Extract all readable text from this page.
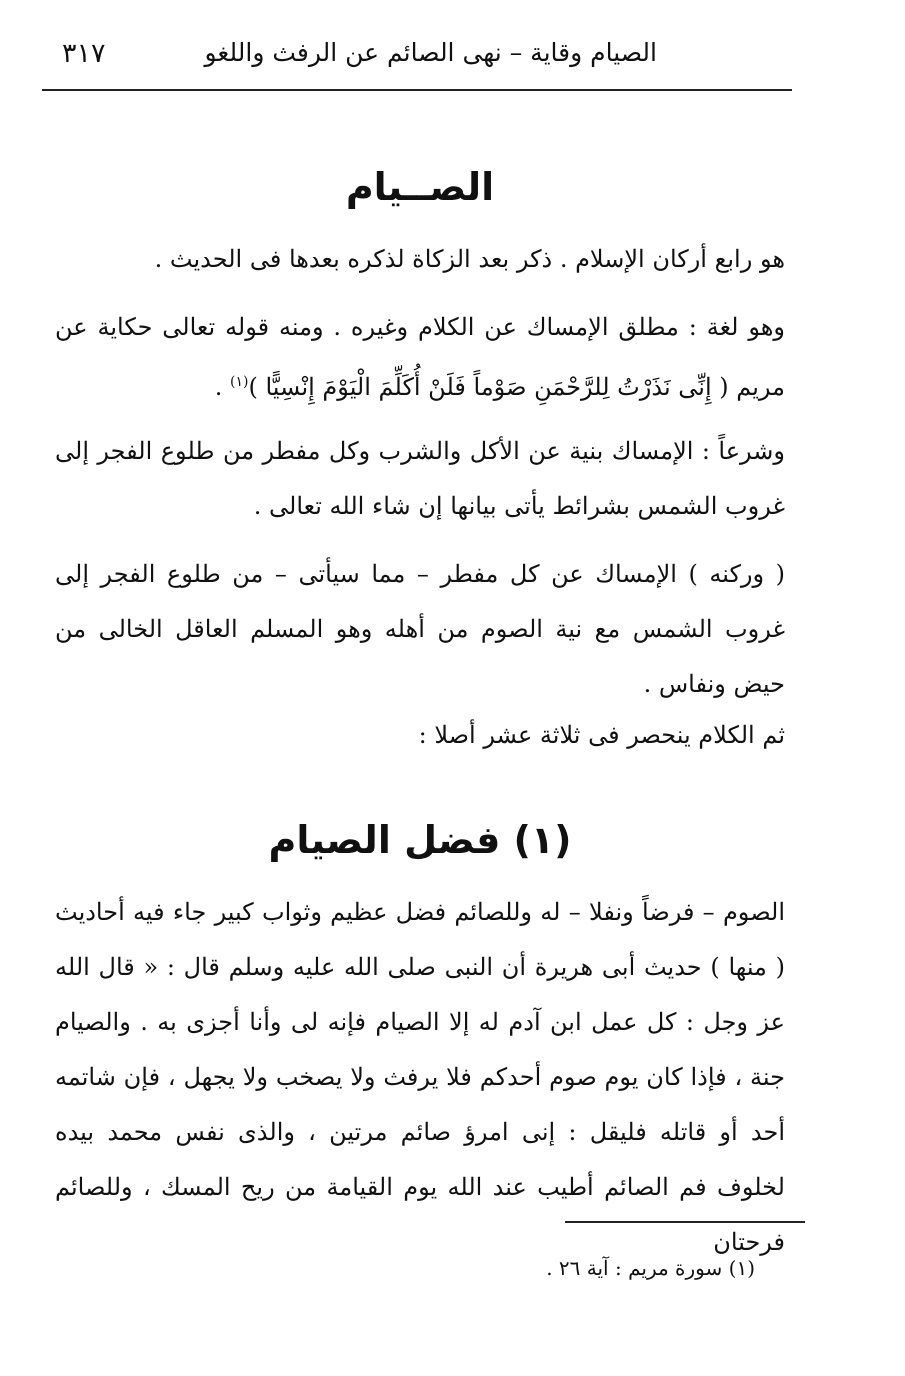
الصيام وقاية – نهى الصائم عن الرفث واللغو
٣١٧
الصــيام
هو رابع أركان الإسلام . ذكر بعد الزكاة لذكره بعدها فى الحديث .
وهو لغة : مطلق الإمساك عن الكلام وغيره . ومنه قوله تعالى حكاية عن مريم ( إِنِّى نَذَرْتُ لِلرَّحْمَنِ صَوْماً فَلَنْ أُكَلِّمَ الْيَوْمَ إِنْسِيًّا )$^{(١)}$ .
وشرعاً : الإمساك بنية عن الأكل والشرب وكل مفطر من طلوع الفجر إلى غروب الشمس بشرائط يأتى بيانها إن شاء الله تعالى .
( وركنه ) الإمساك عن كل مفطر – مما سيأتى – من طلوع الفجر إلى غروب الشمس مع نية الصوم من أهله وهو المسلم العاقل الخالى من حيض ونفاس .
ثم الكلام ينحصر فى ثلاثة عشر أصلا :
(١) فضل الصيام
الصوم – فرضاً ونفلا – له وللصائم فضل عظيم وثواب كبير جاء فيه أحاديث ( منها ) حديث أبى هريرة أن النبى صلى الله عليه وسلم قال : « قال الله عز وجل : كل عمل ابن آدم له إلا الصيام فإنه لى وأنا أجزى به . والصيام جنة ، فإذا كان يوم صوم أحدكم فلا يرفث ولا يصخب ولا يجهل ، فإن شاتمه أحد أو قاتله فليقل : إنى امرؤ صائم مرتين ، والذى نفس محمد بيده لخلوف فم الصائم أطيب عند الله يوم القيامة من ريح المسك ، وللصائم فرحتان
(١) سورة مريم : آية ٢٦ .
